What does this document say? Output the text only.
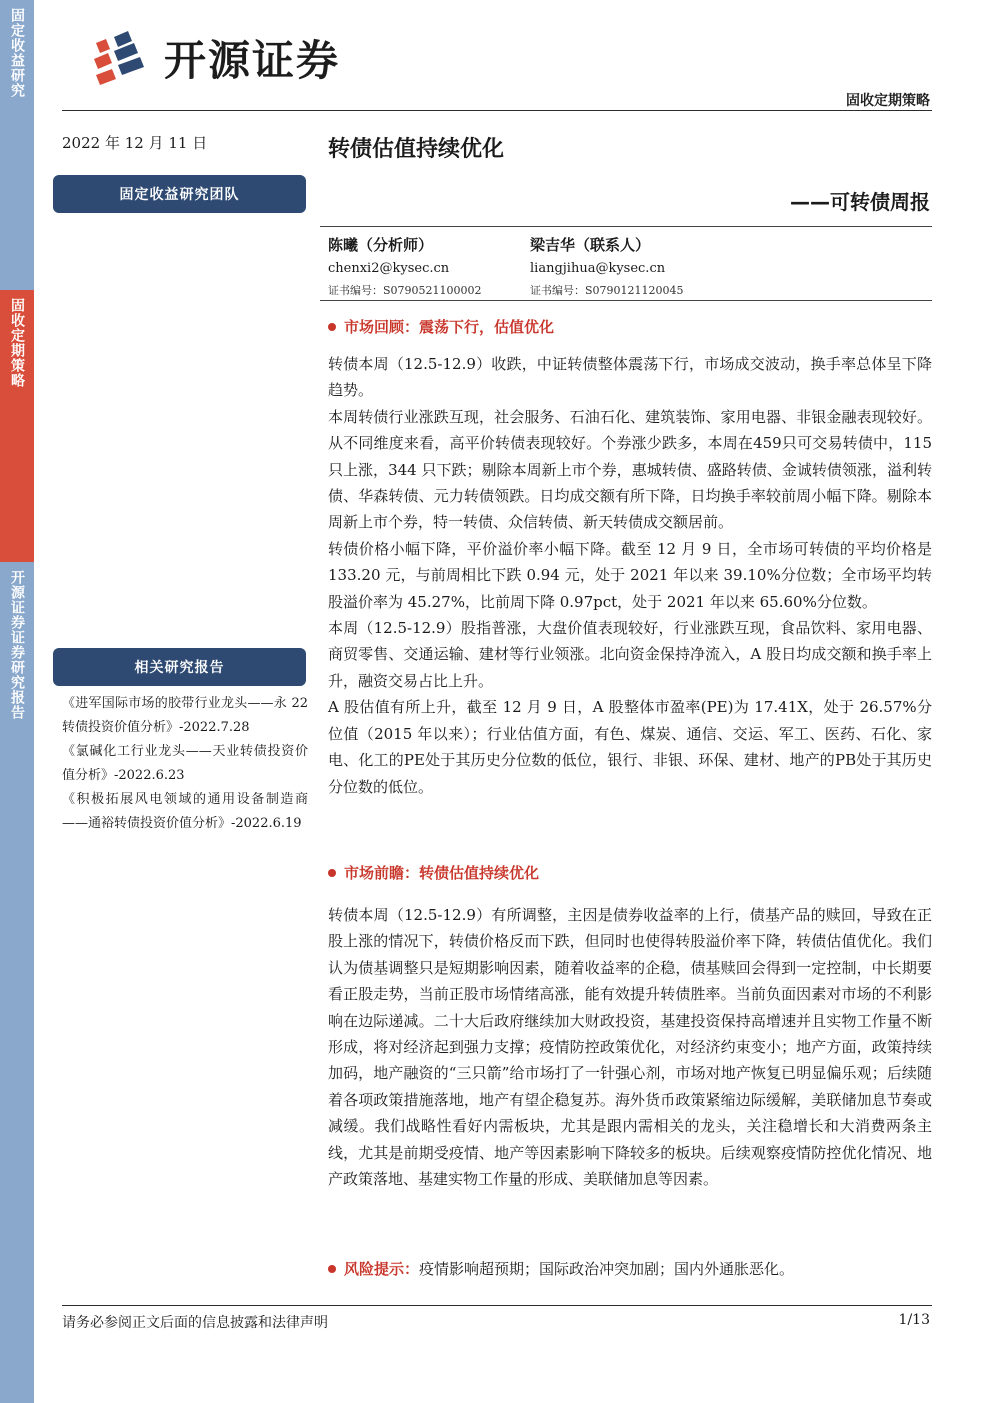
固定收益研究
固收定期策略
开源证券证券研究报告
开源证券
固收定期策略
2022 年 12 月 11 日
固定收益研究团队
相关研究报告
《进军国际市场的胶带行业龙头——永 22 转债投资价值分析》-2022.7.28
《氯碱化工行业龙头——天业转债投资价值分析》-2022.6.23
《积极拓展风电领域的通用设备制造商——通裕转债投资价值分析》-2022.6.19
转债估值持续优化
——可转债周报
陈曦（分析师）
chenxi2@kysec.cn
证书编号：S0790521100002
梁吉华（联系人）
liangjihua@kysec.cn
证书编号：S0790121120045
市场回顾：震荡下行，估值优化

转债本周（12.5-12.9）收跌，中证转债整体震荡下行，市场成交波动，换手率总体呈下降趋势。

本周转债行业涨跌互现，社会服务、石油石化、建筑装饰、家用电器、非银金融表现较好。从不同维度来看，高平价转债表现较好。个券涨少跌多，本周在459只可交易转债中，115 只上涨，344 只下跌；剔除本周新上市个券，惠城转债、盛路转债、金诚转债领涨，溢利转债、华森转债、元力转债领跌。日均成交额有所下降，日均换手率较前周小幅下降。剔除本周新上市个券，特一转债、众信转债、新天转债成交额居前。

转债价格小幅下降，平价溢价率小幅下降。截至 12 月 9 日，全市场可转债的平均价格是 133.20 元，与前周相比下跌 0.94 元，处于 2021 年以来 39.10%分位数；全市场平均转股溢价率为 45.27%，比前周下降 0.97pct，处于 2021 年以来 65.60%分位数。

本周（12.5-12.9）股指普涨，大盘价值表现较好，行业涨跌互现，食品饮料、家用电器、商贸零售、交通运输、建材等行业领涨。北向资金保持净流入，A 股日均成交额和换手率上升，融资交易占比上升。

A 股估值有所上升，截至 12 月 9 日，A 股整体市盈率(PE)为 17.41X，处于 26.57%分位值（2015 年以来）；行业估值方面，有色、煤炭、通信、交运、军工、医药、石化、家电、化工的PE处于其历史分位数的低位，银行、非银、环保、建材、地产的PB处于其历史分位数的低位。

市场前瞻：转债估值持续优化

转债本周（12.5-12.9）有所调整，主因是债券收益率的上行，债基产品的赎回，导致在正股上涨的情况下，转债价格反而下跌，但同时也使得转股溢价率下降，转债估值优化。我们认为债基调整只是短期影响因素，随着收益率的企稳，债基赎回会得到一定控制，中长期要看正股走势，当前正股市场情绪高涨，能有效提升转债胜率。当前负面因素对市场的不利影响在边际递减。二十大后政府继续加大财政投资，基建投资保持高增速并且实物工作量不断形成，将对经济起到强力支撑；疫情防控政策优化，对经济约束变小；地产方面，政策持续加码，地产融资的“三只箭”给市场打了一针强心剂，市场对地产恢复已明显偏乐观；后续随着各项政策措施落地，地产有望企稳复苏。海外货币政策紧缩边际缓解，美联储加息节奏或减缓。我们战略性看好内需板块，尤其是跟内需相关的龙头，关注稳增长和大消费两条主线，尤其是前期受疫情、地产等因素影响下降较多的板块。后续观察疫情防控优化情况、地产政策落地、基建实物工作量的形成、美联储加息等因素。

风险提示： 疫情影响超预期；国际政治冲突加剧；国内外通胀恶化。
请务必参阅正文后面的信息披露和法律声明	1/13
